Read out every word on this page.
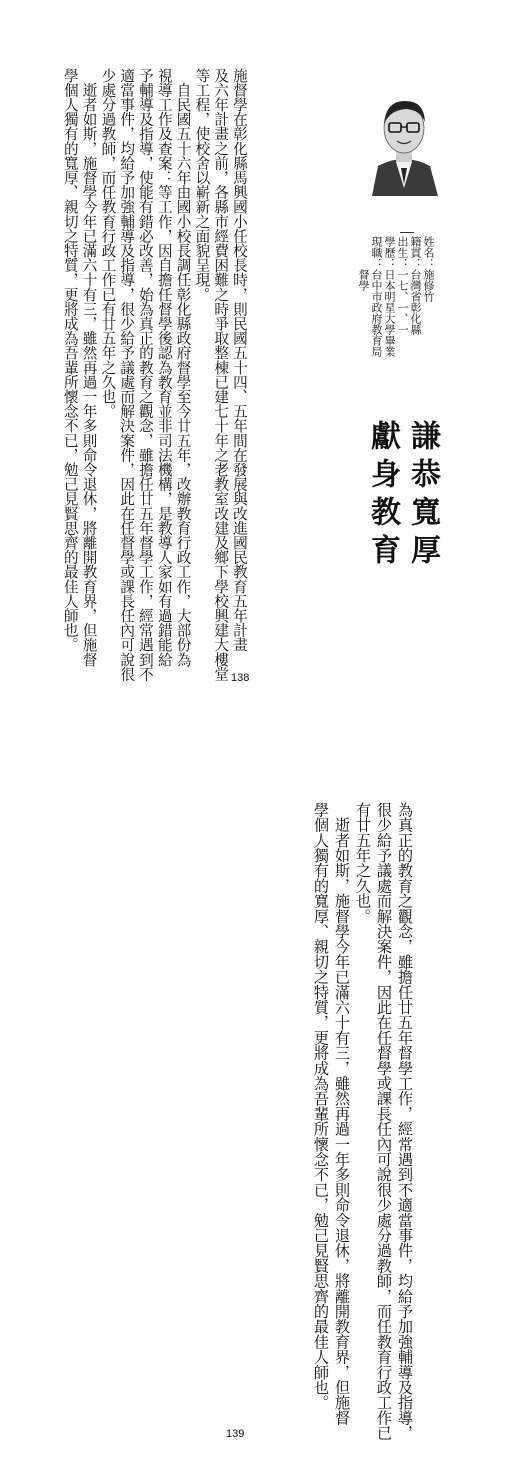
姓名：施修竹
籍貫：台灣省彰化縣
出生：一七、一、一
學歷：日本明星大學畢業
現職：台中市政府教育局
　　　督學
謙恭寬厚
獻身教育
施督學在彰化縣馬興國小任校長時，則民國五十四、五年間在發展與改進國民教育五年計畫
及六年計畫之前，各縣市經費困難之時爭取整棟已建七十年之老教室改建及鄉下學校興建大樓堂
等工程，使校舍以嶄新之面貌呈現。
　自民國五十六年由國小校長調任彰化縣政府督學至今廿五年，改辦教育行政工作，大部份為
視導工作及查案：等工作，因自擔任督學後認為教育並非司法機構，是教導人家如有過錯能給
予輔導及指導，使能有錯必改善，始為真正的教育之觀念，雖擔任廿五年督學工作，經常遇到不
適當事件，均給予加強輔導及指導，很少給予議處而解決案件，因此在任督學或課長任內可說很
少處分過教師，而任教育行政工作已有廿五年之久也。
　逝者如斯，施督學今年已滿六十有三，雖然再過一年多則命令退休，將離開教育界，但施督
學個人獨有的寬厚、親切之特質，更將成為吾輩所懷念不已，勉己見賢思齊的最佳人師也。
138
為真正的教育之觀念，雖擔任廿五年督學工作，經常遇到不適當事件，均給予加強輔導及指導，
很少給予議處而解決案件，因此在任督學或課長任內可說很少處分過教師，而任教育行政工作已
有廿五年之久也。
　逝者如斯，施督學今年已滿六十有三，雖然再過一年多則命令退休，將離開教育界，但施督
學個人獨有的寬厚、親切之特質，更將成為吾輩所懷念不已，勉己見賢思齊的最佳人師也。
139
